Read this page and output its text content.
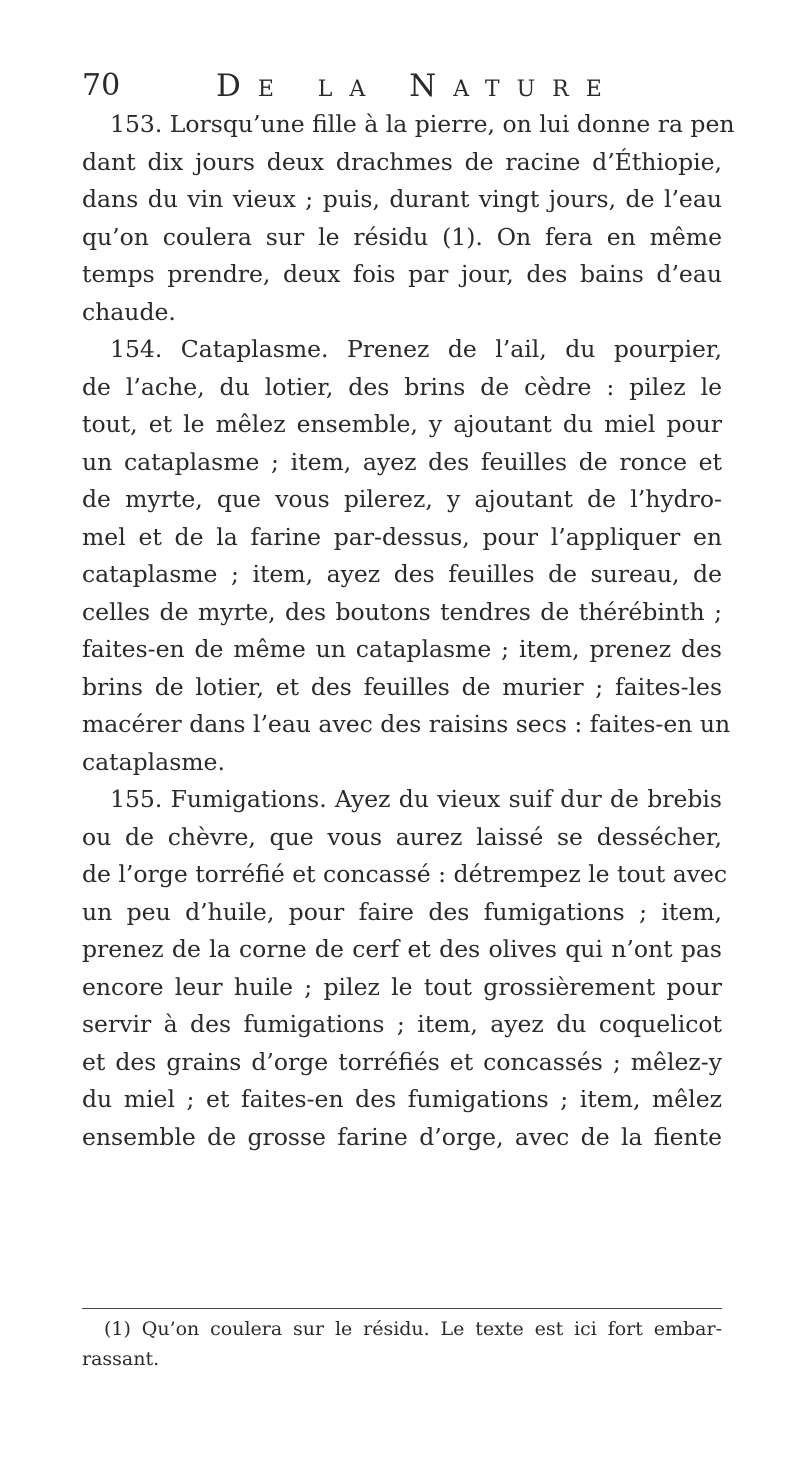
70	De la Nature
153. Lorsqu’une fille à la pierre, on lui donne ra pen
dant dix jours deux drachmes de racine d’Éthiopie,
dans du vin vieux ; puis, durant vingt jours, de l’eau
qu’on coulera sur le résidu (1). On fera en même
temps prendre, deux fois par jour, des bains d’eau
chaude.
154. Cataplasme. Prenez de l’ail, du pourpier,
de l’ache, du lotier, des brins de cèdre : pilez le
tout, et le mêlez ensemble, y ajoutant du miel pour
un cataplasme ; item, ayez des feuilles de ronce et
de myrte, que vous pilerez, y ajoutant de l’hydro-
mel et de la farine par-dessus, pour l’appliquer en
cataplasme ; item, ayez des feuilles de sureau, de
celles de myrte, des boutons tendres de thérébinth ;
faites-en de même un cataplasme ; item, prenez des
brins de lotier, et des feuilles de murier ; faites-les
macérer dans l’eau avec des raisins secs : faites-en un
cataplasme.
155. Fumigations. Ayez du vieux suif dur de brebis
ou de chèvre, que vous aurez laissé se dessécher,
de l’orge torréfié et concassé : détrempez le tout avec
un peu d’huile, pour faire des fumigations ; item,
prenez de la corne de cerf et des olives qui n’ont pas
encore leur huile ; pilez le tout grossièrement pour
servir à des fumigations ; item, ayez du coquelicot
et des grains d’orge torréfiés et concassés ; mêlez-y
du miel ; et faites-en des fumigations ; item, mêlez
ensemble de grosse farine d’orge, avec de la fiente
(1) Qu’on coulera sur le résidu. Le texte est ici fort embar-
rassant.
